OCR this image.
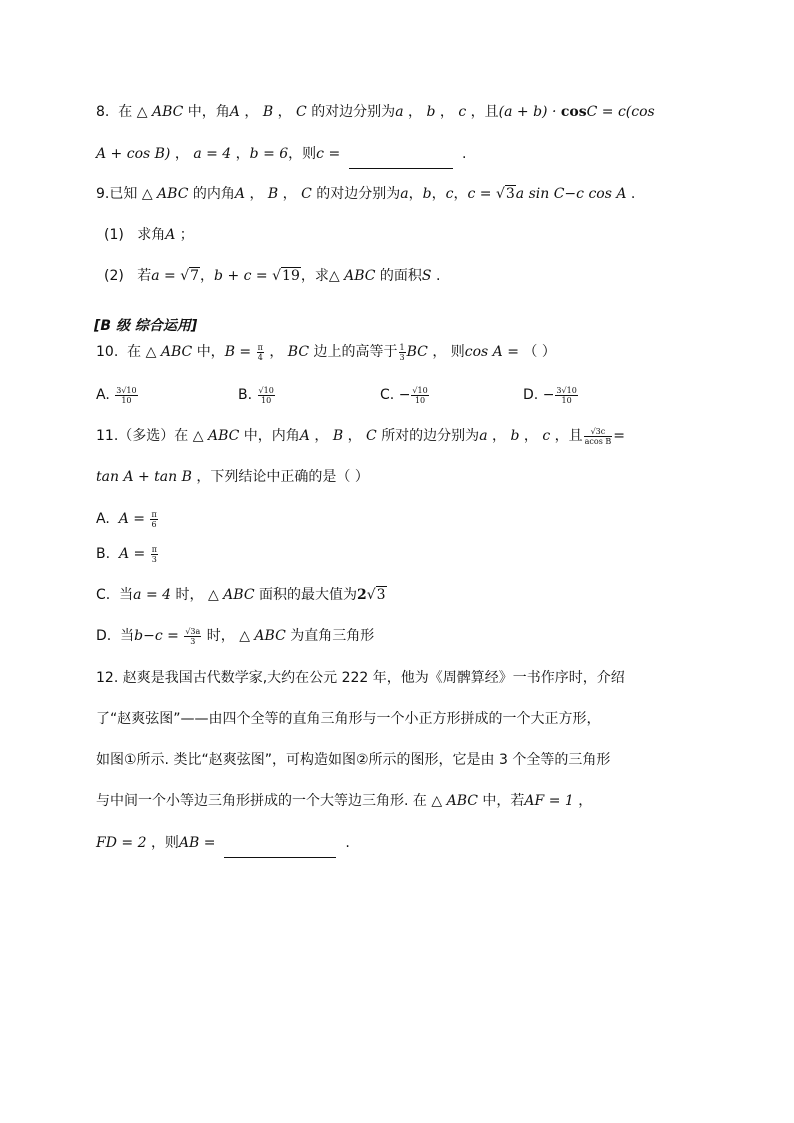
8. 在 △ ABC 中，角A ， B ， C 的对边分别为a ， b ， c ，且(a + b) · cosC = c(cos
A + cos B) ， a = 4 ，b = 6，则c =	.
9.已知 △ ABC 的内角A ， B ， C 的对边分别为a，b，c，c = √3a sin C−c cos A .
(1) 求角A ；
(2) 若a = √7，b + c = √19，求△ ABC 的面积S .
[B 级 综合运用]
10. 在 △ ABC 中，$B = \frac{\pi}{4}$ ， BC 边上的高等于 $\frac{1}{3}$ BC ， 则cos A = （ ）
A. $\frac{3√10}{10}$	B. $\frac{√10}{10}$	C. − $\frac{√10}{10}$	D. − $\frac{3√10}{10}$
11.（多选）在 △ ABC 中，内角A ， B ， C 所对的边分别为a ， b ， c ，且 $\frac{√3c}{\text{acos B}}$ =
tan A + tan B ，下列结论中正确的是（ ）
A. $A = \frac{\pi}{6}$
B. $A = \frac{\pi}{3}$
C. 当a = 4 时， △ ABC 面积的最大值为2√3
D. 当$b-c = \frac{√3a}{3}$ 时， △ ABC 为直角三角形
12. 赵爽是我国古代数学家,大约在公元 222 年，他为《周髀算经》一书作序时，介绍
了“赵爽弦图”——由四个全等的直角三角形与一个小正方形拼成的一个大正方形，
如图①所示. 类比“赵爽弦图”，可构造如图②所示的图形，它是由 3 个全等的三角形
与中间一个小等边三角形拼成的一个大等边三角形. 在 △ ABC 中，若AF = 1 ，
FD = 2 ，则AB =	.
